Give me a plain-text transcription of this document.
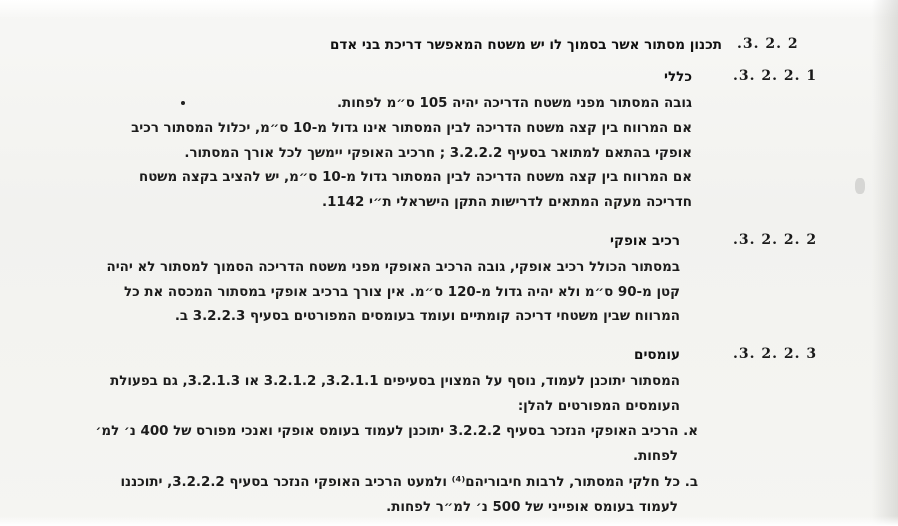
.3. 2. 2
תכנון מסתור אשר בסמוך לו יש משטח המאפשר דריכת בני אדם
.3. 2. 2. 1
כללי
גובה המסתור מפני משטח הדריכה יהיה 105 ס״מ לפחות.
אם המרווח בין קצה משטח הדריכה לבין המסתור אינו גדול מ-10 ס״מ, יכלול המסתור רכיב
אופקי בהתאם למתואר בסעיף 3.2.2.2 ; חרכיב האופקי יימשך לכל אורך המסתור.
אם המרווח בין קצה משטח הדריכה לבין המסתור גדול מ-10 ס״מ, יש להציב בקצה משטח
חדריכה מעקה המתאים לדרישות התקן הישראלי ת״י 1142.
.3. 2. 2. 2
רכיב אופקי
במסתור הכולל רכיב אופקי, גובה הרכיב האופקי מפני משטח הדריכה הסמוך למסתור לא יהיה
קטן מ-90 ס״מ ולא יהיה גדול מ-120 ס״מ. אין צורך ברכיב אופקי במסתור המכסה את כל
המרווח שבין משטחי דריכה קומתיים ועומד בעומסים המפורטים בסעיף 3.2.2.3 ב.
.3. 2. 2. 3
עומסים
המסתור יתוכנן לעמוד, נוסף על המצוין בסעיפים 3.2.1.1, 3.2.1.2 או 3.2.1.3, גם בפעולת
העומסים המפורטים להלן:
א. הרכיב האופקי הנזכר בסעיף 3.2.2.2 יתוכנן לעמוד בעומס אופקי ואנכי מפורס של 400 נ׳ למ׳
לפחות.
ב. כל חלקי המסתור, לרבות חיבוריהם⁽⁴⁾ ולמעט הרכיב האופקי הנזכר בסעיף 3.2.2.2, יתוכננו
לעמוד בעומס אופייני של 500 נ׳ למ״ר לפחות.
